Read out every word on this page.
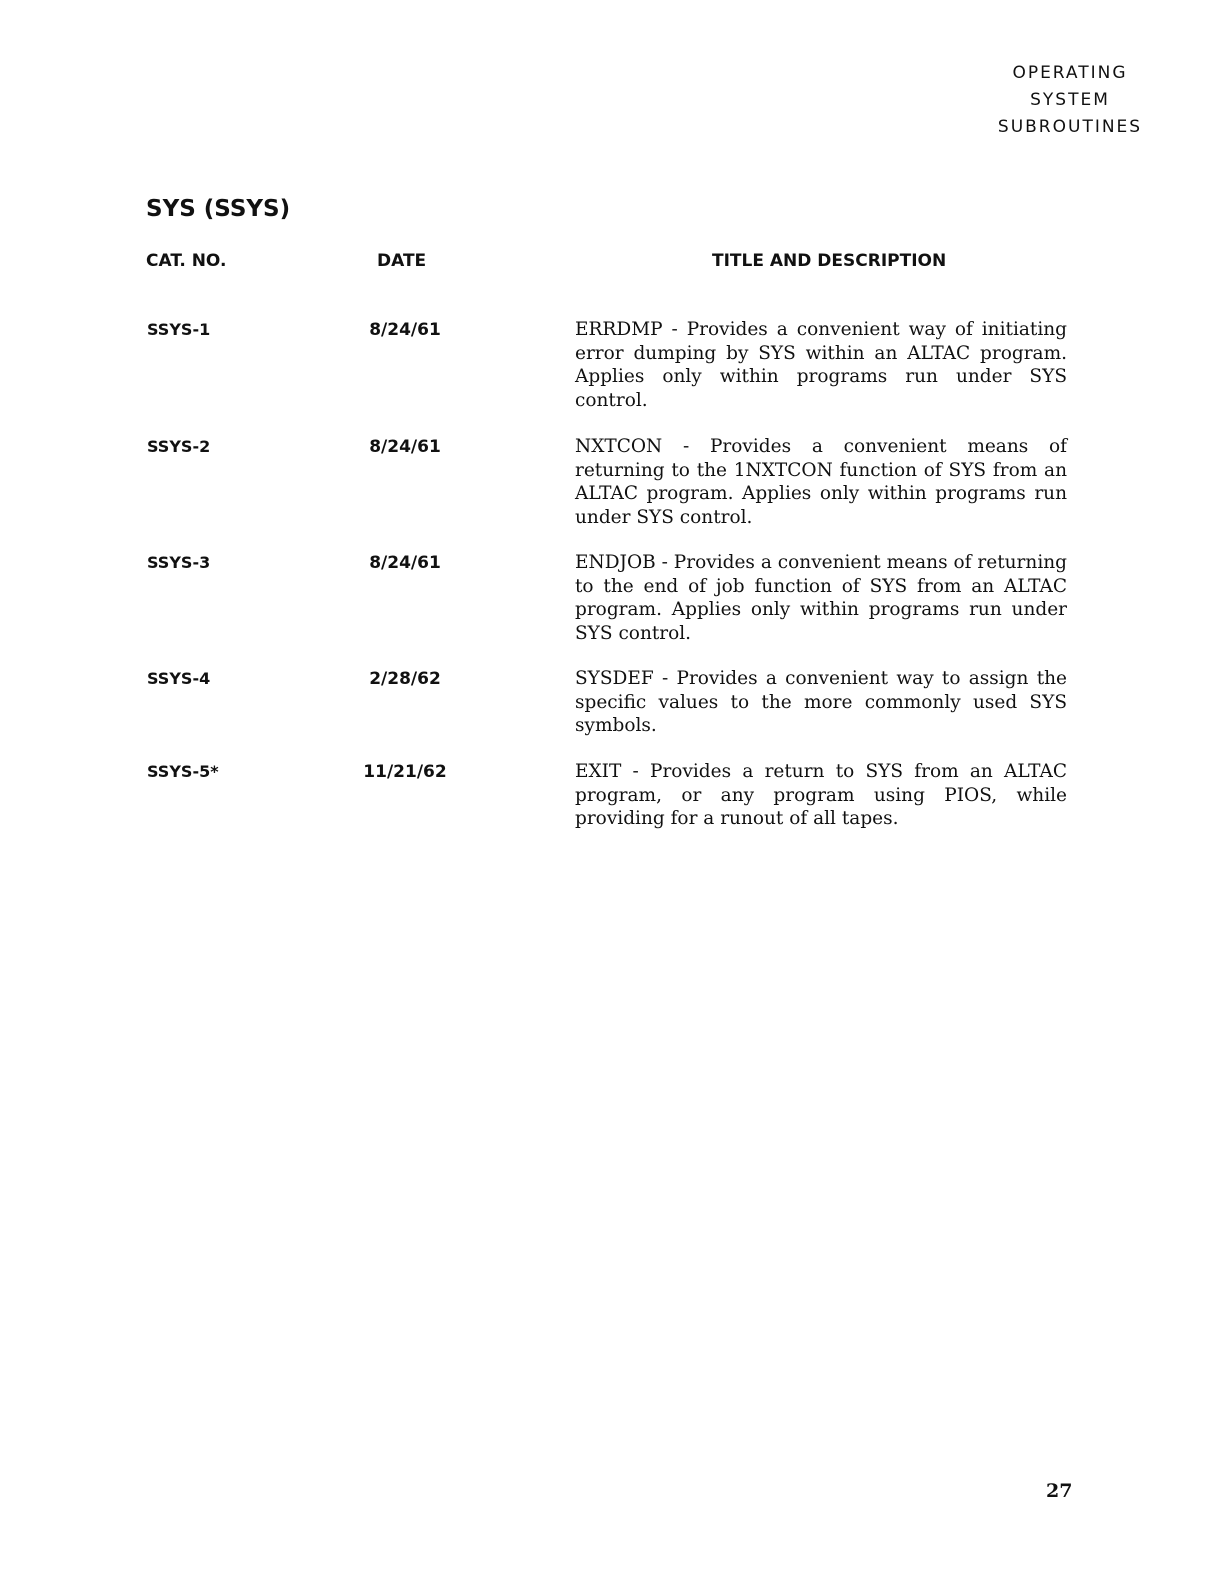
OPERATING
SYSTEM
SUBROUTINES
SYS (SSYS)
CAT. NO.	DATE	TITLE AND DESCRIPTION
SSYS-1	8/24/61	ERRDMP - Provides a convenient way of initiating error dumping by SYS within an ALTAC program. Applies only within programs run under SYS control.
SSYS-2	8/24/61	NXTCON - Provides a convenient means of returning to the 1NXTCON function of SYS from an ALTAC program. Applies only within programs run under SYS control.
SSYS-3	8/24/61	ENDJOB - Provides a convenient means of returning to the end of job function of SYS from an ALTAC program. Applies only within programs run under SYS control.
SSYS-4	2/28/62	SYSDEF - Provides a convenient way to assign the specific values to the more commonly used SYS symbols.
SSYS-5*	11/21/62	EXIT - Provides a return to SYS from an ALTAC program, or any program using PIOS, while providing for a runout of all tapes.
27
